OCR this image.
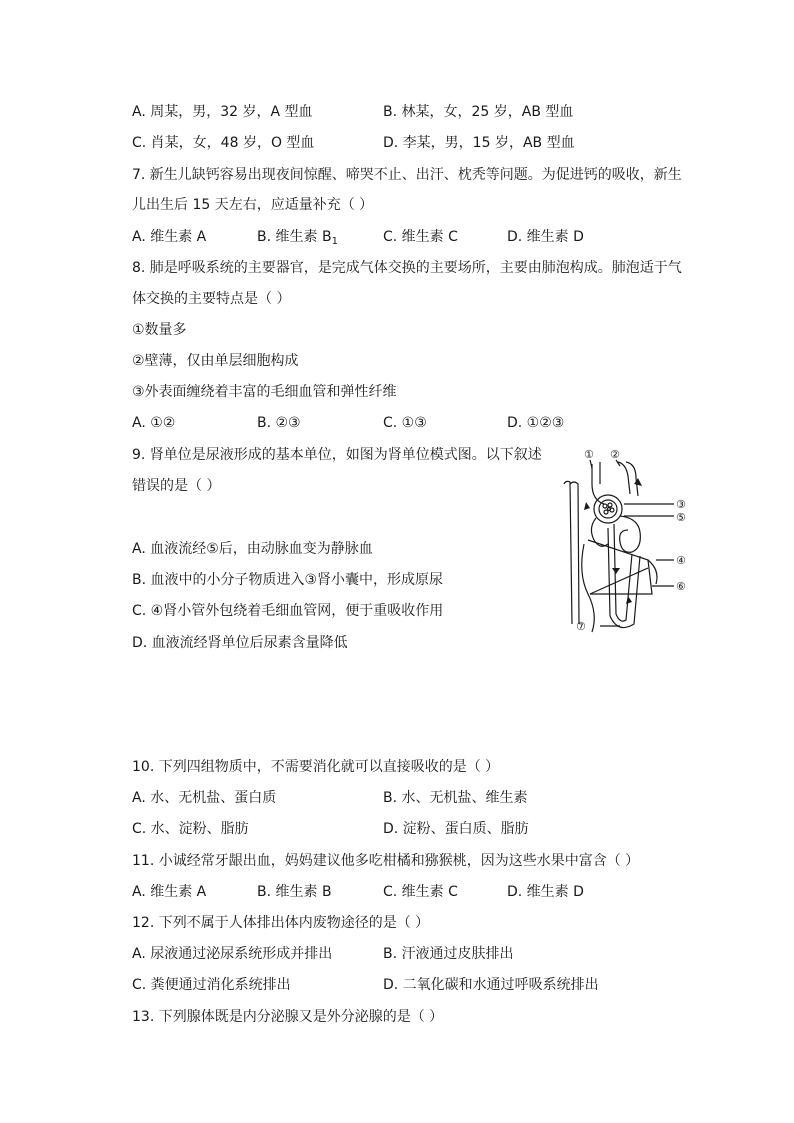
A. 周某，男，32 岁，A 型血	B. 林某，女，25 岁，AB 型血
C. 肖某，女，48 岁，O 型血	D. 李某，男，15 岁，AB 型血
7. 新生儿缺钙容易出现夜间惊醒、啼哭不止、出汗、枕秃等问题。为促进钙的吸收，新生
儿出生后 15 天左右，应适量补充（ ）
A. 维生素 A	B. 维生素 $B_1$	C. 维生素 C	D. 维生素 D
8. 肺是呼吸系统的主要器官，是完成气体交换的主要场所，主要由肺泡构成。肺泡适于气
体交换的主要特点是（ ）
①数量多
②壁薄，仅由单层细胞构成
③外表面缠绕着丰富的毛细血管和弹性纤维
A. ①②	B. ②③	C. ①③	D. ①②③
9. 肾单位是尿液形成的基本单位，如图为肾单位模式图。以下叙述
错误的是（ ）
A. 血液流经⑤后，由动脉血变为静脉血
B. 血液中的小分子物质进入③肾小囊中，形成原尿
C. ④肾小管外包绕着毛细血管网，便于重吸收作用
D. 血液流经肾单位后尿素含量降低
① ②
③
⑤
④
⑥
⑦
10. 下列四组物质中，不需要消化就可以直接吸收的是（ ）
A. 水、无机盐、蛋白质	B. 水、无机盐、维生素
C. 水、淀粉、脂肪	D. 淀粉、蛋白质、脂肪
11. 小诚经常牙龈出血，妈妈建议他多吃柑橘和猕猴桃，因为这些水果中富含（ ）
A. 维生素 A	B. 维生素 B	C. 维生素 C	D. 维生素 D
12. 下列不属于人体排出体内废物途径的是（ ）
A. 尿液通过泌尿系统形成并排出	B. 汗液通过皮肤排出
C. 粪便通过消化系统排出	D. 二氧化碳和水通过呼吸系统排出
13. 下列腺体既是内分泌腺又是外分泌腺的是（ ）
